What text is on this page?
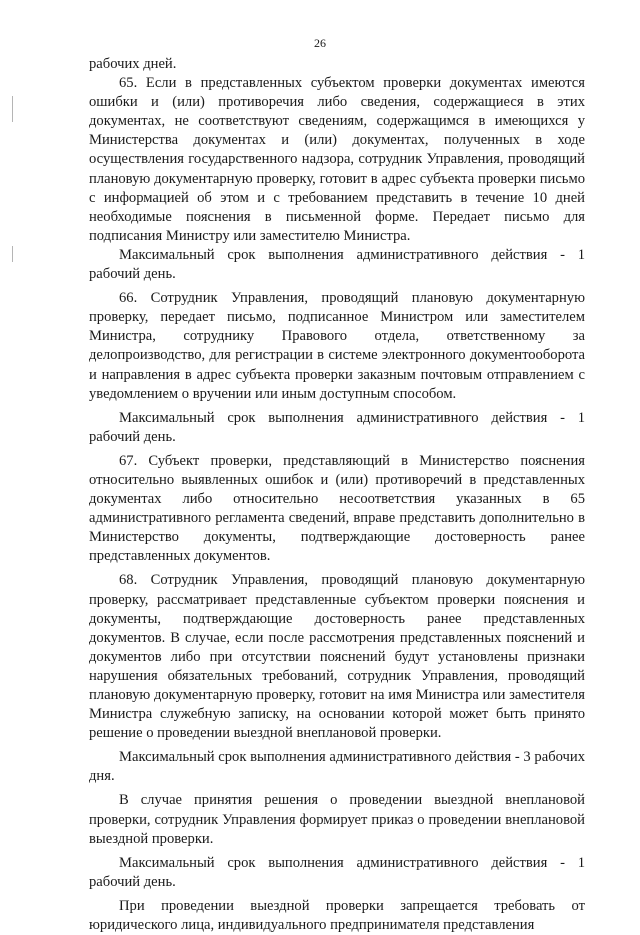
26

рабочих дней.

65. Если в представленных субъектом проверки документах имеются ошибки и (или) противоречия либо сведения, содержащиеся в этих документах, не соответствуют сведениям, содержащимся в имеющихся у Министерства документах и (или) документах, полученных в ходе осуществления государственного надзора, сотрудник Управления, проводящий плановую документарную проверку, готовит в адрес субъекта проверки письмо с информацией об этом и с требованием представить в течение 10 дней необходимые пояснения в письменной форме. Передает письмо для подписания Министру или заместителю Министра.

Максимальный срок выполнения административного действия - 1 рабочий день.

66. Сотрудник Управления, проводящий плановую документарную проверку, передает письмо, подписанное Министром или заместителем Министра, сотруднику Правового отдела, ответственному за делопроизводство, для регистрации в системе электронного документооборота и направления в адрес субъекта проверки заказным почтовым отправлением с уведомлением о вручении или иным доступным способом.

Максимальный срок выполнения административного действия - 1 рабочий день.

67. Субъект проверки, представляющий в Министерство пояснения относительно выявленных ошибок и (или) противоречий в представленных документах либо относительно несоответствия указанных в 65 административного регламента сведений, вправе представить дополнительно в Министерство документы, подтверждающие достоверность ранее представленных документов.

68. Сотрудник Управления, проводящий плановую документарную проверку, рассматривает представленные субъектом проверки пояснения и документы, подтверждающие достоверность ранее представленных документов. В случае, если после рассмотрения представленных пояснений и документов либо при отсутствии пояснений будут установлены признаки нарушения обязательных требований, сотрудник Управления, проводящий плановую документарную проверку, готовит на имя Министра или заместителя Министра служебную записку, на основании которой может быть принято решение о проведении выездной внеплановой проверки.

Максимальный срок выполнения административного действия - 3 рабочих дня.

В случае принятия решения о проведении выездной внеплановой проверки, сотрудник Управления формирует приказ о проведении внеплановой выездной проверки.

Максимальный срок выполнения административного действия - 1 рабочий день.

При проведении выездной проверки запрещается требовать от юридического лица, индивидуального предпринимателя представления
